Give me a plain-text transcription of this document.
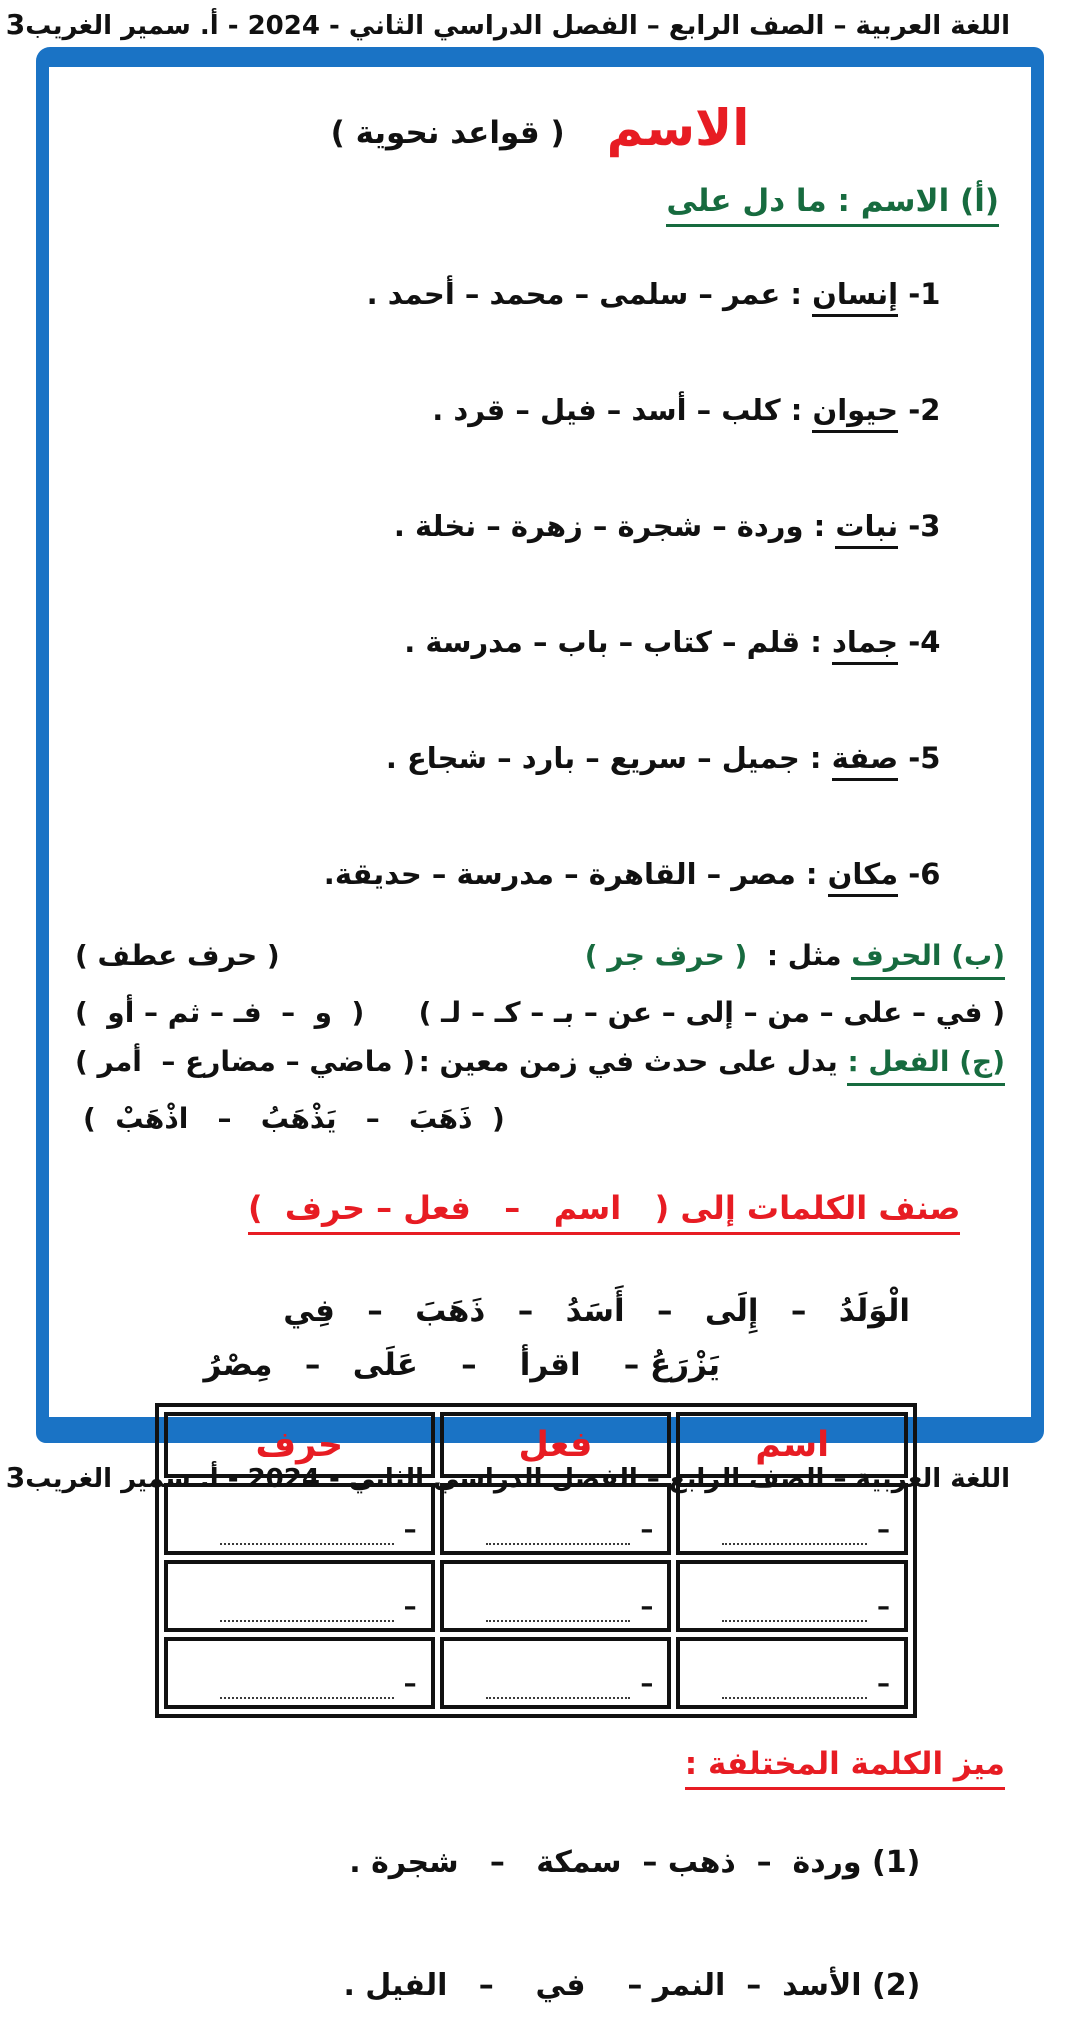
اللغة العربية – الصف الرابع – الفصل الدراسي الثاني - 2024 - أ. سمير الغريب
3
الاسم
( قواعد نحوية )
(أ) الاسم : ما دل على

1- إنسان : عمر – سلمى – محمد – أحمد .

2- حيوان : كلب – أسد – فيل – قرد .

3- نبات : وردة – شجرة – زهرة – نخلة .

4- جماد : قلم – كتاب – باب – مدرسة .

5- صفة : جميل – سريع – بارد – شجاع .

6- مكان : مصر – القاهرة – مدرسة – حديقة.

(ب) الحرف مثل :  ( حرف جر )
( حرف عطف )
( في – على – من – إلى – عن – بـ – كـ – لـ )
(  و  –  فـ – ثم – أو  )
(ج) الفعل : يدل على حدث في زمن معين :
( ماضي – مضارع –  أمر )
(  ذَهَبَ   –   يَذْهَبُ   –   اذْهَبْ  )

صنف الكلمات إلى (   اسم   –   فعل – حرف  )

الْوَلَدُ   –   إِلَى   –   أَسَدُ   –   ذَهَبَ   –   فِي
يَزْرَعُ –    اقرأ    –    عَلَى   –   مِصْرُ
اسم	فعل	حرف

–	–	–

–	–	–

–	–	–
ميز الكلمة المختلفة :

(1) وردة  –  ذهب –  سمكة   –   شجرة .

(2) الأسد  –  النمر –    في    –   الفيل .

اللغة العربية – الصف الرابع – الفصل الدراسي الثاني - 2024 - أ. سمير الغريب
3
